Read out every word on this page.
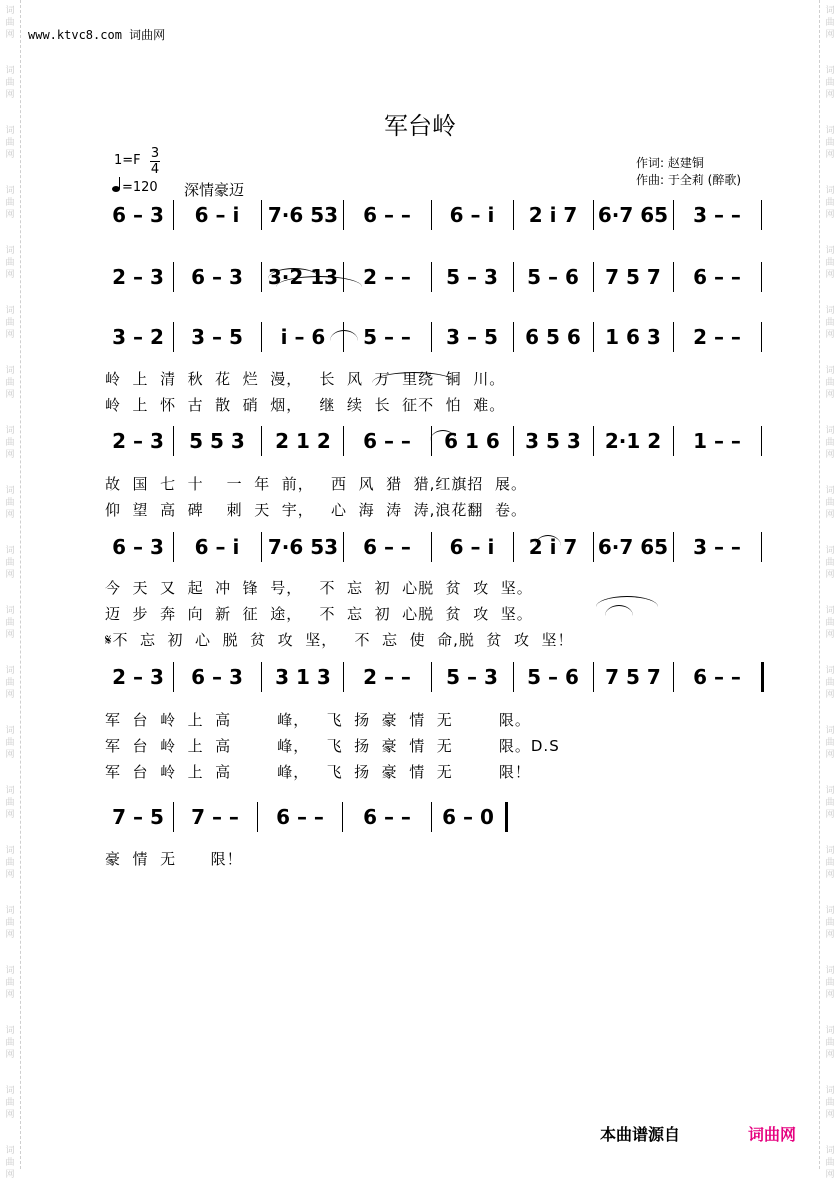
词
曲
网
词
曲
网
词
曲
网
词
曲
网
词
曲
网
词
曲
网
词
曲
网
词
曲
网
词
曲
网
词
曲
网
词
曲
网
词
曲
网
词
曲
网
词
曲
网
词
曲
网
词
曲
网
词
曲
网
词
曲
网
词
曲
网
词
曲
网
词
曲
网
词
曲
网
词
曲
网
词
曲
网
词
曲
网
词
曲
网
词
曲
网
词
曲
网
词
曲
网
词
曲
网
词
曲
网
词
曲
网
词
曲
网
词
曲
网
词
曲
网
词
曲
网
词
曲
网
词
曲
网
词
曲
网
词
曲
网
www.ktvc8.com 词曲网
军台岭
1=F 3
4
=120 深情豪迈
作词: 赵建铜
作曲: 于全莉 (醉歌)
6 – 3	6 – i	7·6 53	6 – –	6 – i	2 i 7	6·7 65	3 – –
2 – 3	6 – 3	3·2 13	2 – –	5 – 3	5 – 6	7 5 7	6 – –
3 – 2	3 – 5	i – 6	5 – –	3 – 5	6 5 6	1 6 3	2 – –
2 – 3	5 5 3	2 1 2	6 – –	6 1 6	3 5 3	2·1 2	1 – –
6 – 3	6 – i	7·6 53	6 – –	6 – i	2 i 7	6·7 65	3 – –
2 – 3	6 – 3	3 1 3	2 – –	5 – 3	5 – 6	7 5 7	6 – –
7 – 5	7 – –	6 – –	6 – –	6 – 0
岭  上  清  秋  花  烂  漫，   长  风  万  里绕  铜  川。
岭  上  怀  古  散  硝  烟，   继  续  长  征不  怕  难。
故  国  七  十    一  年  前，   西  风  猎  猎,红旗招  展。
仰  望  高  碑    刺  天  宇，   心  海  涛  涛,浪花翻  卷。
今  天  又  起  冲  锋  号，   不  忘  初  心脱  贫  攻  坚。
迈  步  奔  向  新  征  途，   不  忘  初  心脱  贫  攻  坚。
𝄋不  忘  初  心  脱  贫  攻  坚，   不  忘  使  命,脱  贫  攻  坚！
军  台  岭  上  高        峰，   飞  扬  豪  情  无        限。
军  台  岭  上  高        峰，   飞  扬  豪  情  无        限。D.S
军  台  岭  上  高        峰，   飞  扬  豪  情  无        限！
豪  情  无      限！
本曲谱源自	词曲网
